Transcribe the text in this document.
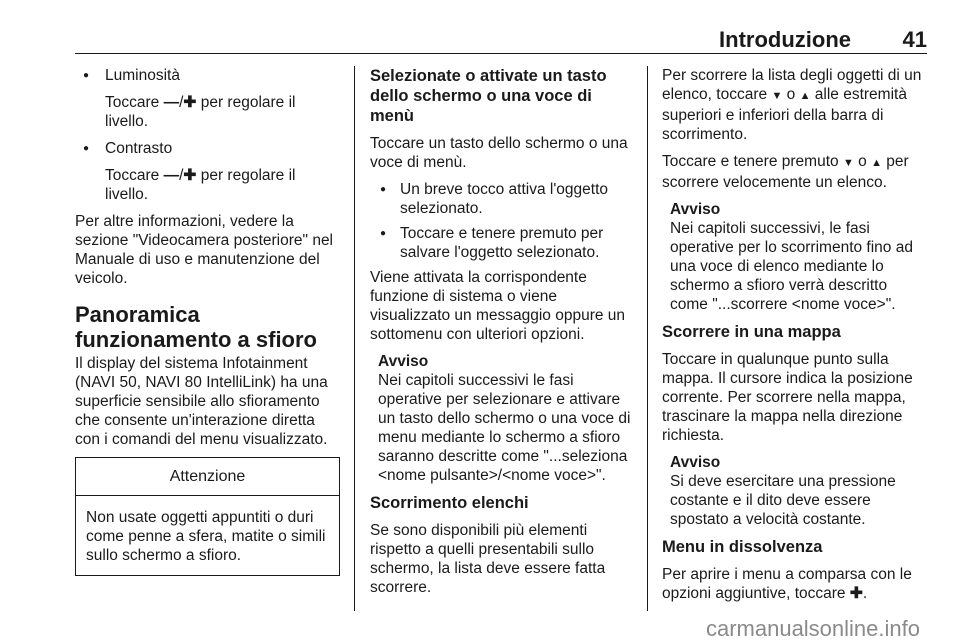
Introduzione 41

● Luminosità

Toccare —/✚ per regolare il livello.

● Contrasto

Toccare —/✚ per regolare il livello.

Per altre informazioni, vedere la sezione "Videocamera posteriore" nel Manuale di uso e manutenzione del veicolo.

Panoramica funzionamento a sfioro

Il display del sistema Infotainment (NAVI 50, NAVI 80 IntelliLink) ha una superficie sensibile allo sfioramento che consente un'interazione diretta con i comandi del menu visualizzato.

Attenzione
Non usate oggetti appuntiti o duri come penne a sfera, matite o simili sullo schermo a sfioro.
Selezionate o attivate un tasto dello schermo o una voce di menù

Toccare un tasto dello schermo o una voce di menù.

● Un breve tocco attiva l'oggetto selezionato.
● Toccare e tenere premuto per salvare l'oggetto selezionato.

Viene attivata la corrispondente funzione di sistema o viene visualizzato un messaggio oppure un sottomenu con ulteriori opzioni.

Avviso

Nei capitoli successivi le fasi operative per selezionare e attivare un tasto dello schermo o una voce di menu mediante lo schermo a sfioro saranno descritte come "...seleziona <nome pulsante>/<nome voce>".

Scorrimento elenchi

Se sono disponibili più elementi rispetto a quelli presentabili sullo schermo, la lista deve essere fatta scorrere.

Per scorrere la lista degli oggetti di un elenco, toccare ▼ o ▲ alle estremità superiori e inferiori della barra di scorrimento.

Toccare e tenere premuto ▼ o ▲ per scorrere velocemente un elenco.

Avviso

Nei capitoli successivi, le fasi operative per lo scorrimento fino ad una voce di elenco mediante lo schermo a sfioro verrà descritto come "...scorrere <nome voce>".

Scorrere in una mappa

Toccare in qualunque punto sulla mappa. Il cursore indica la posizione corrente. Per scorrere nella mappa, trascinare la mappa nella direzione richiesta.

Avviso

Si deve esercitare una pressione costante e il dito deve essere spostato a velocità costante.

Menu in dissolvenza

Per aprire i menu a comparsa con le opzioni aggiuntive, toccare ✚.

carmanualsonline.info
